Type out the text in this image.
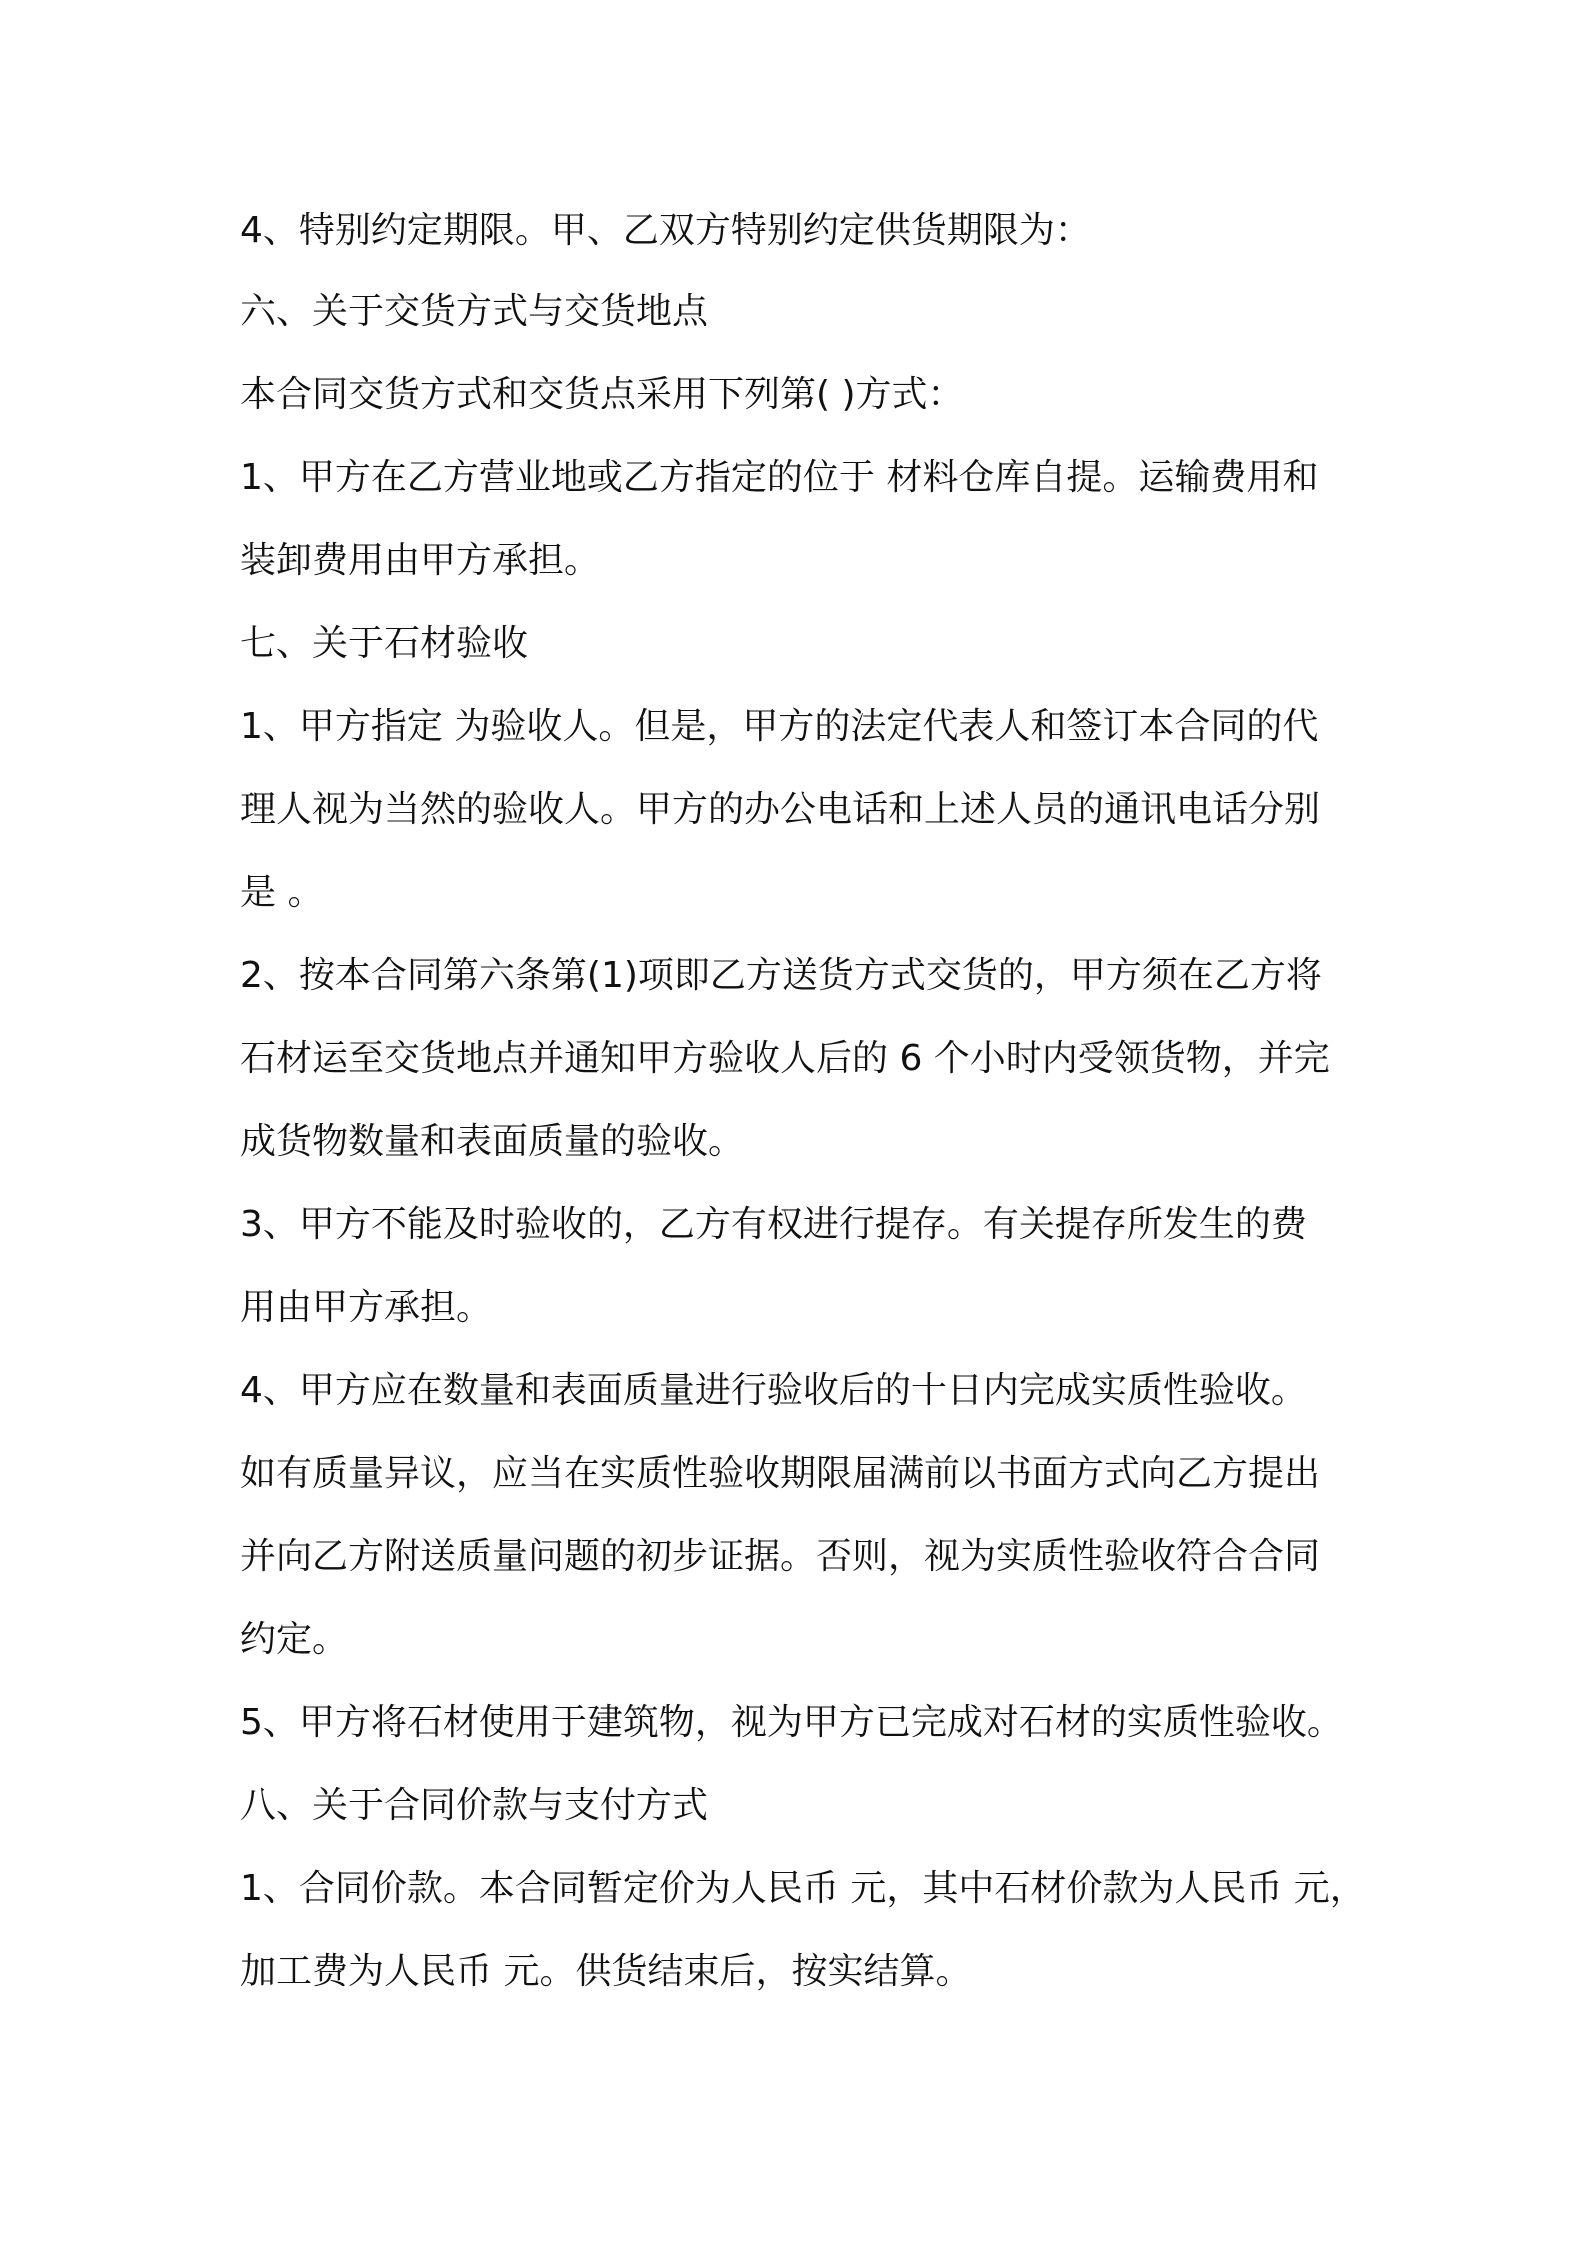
4、特别约定期限。甲、乙双方特别约定供货期限为：
六、关于交货方式与交货地点
本合同交货方式和交货点采用下列第( )方式：
1、甲方在乙方营业地或乙方指定的位于 材料仓库自提。运输费用和
装卸费用由甲方承担。
七、关于石材验收
1、甲方指定 为验收人。但是，甲方的法定代表人和签订本合同的代
理人视为当然的验收人。甲方的办公电话和上述人员的通讯电话分别
是 。
2、按本合同第六条第(1)项即乙方送货方式交货的，甲方须在乙方将
石材运至交货地点并通知甲方验收人后的 6 个小时内受领货物，并完
成货物数量和表面质量的验收。
3、甲方不能及时验收的，乙方有权进行提存。有关提存所发生的费
用由甲方承担。
4、甲方应在数量和表面质量进行验收后的十日内完成实质性验收。
如有质量异议，应当在实质性验收期限届满前以书面方式向乙方提出
并向乙方附送质量问题的初步证据。否则，视为实质性验收符合合同
约定。
5、甲方将石材使用于建筑物，视为甲方已完成对石材的实质性验收。
八、关于合同价款与支付方式
1、合同价款。本合同暂定价为人民币 元，其中石材价款为人民币 元，
加工费为人民币 元。供货结束后，按实结算。
